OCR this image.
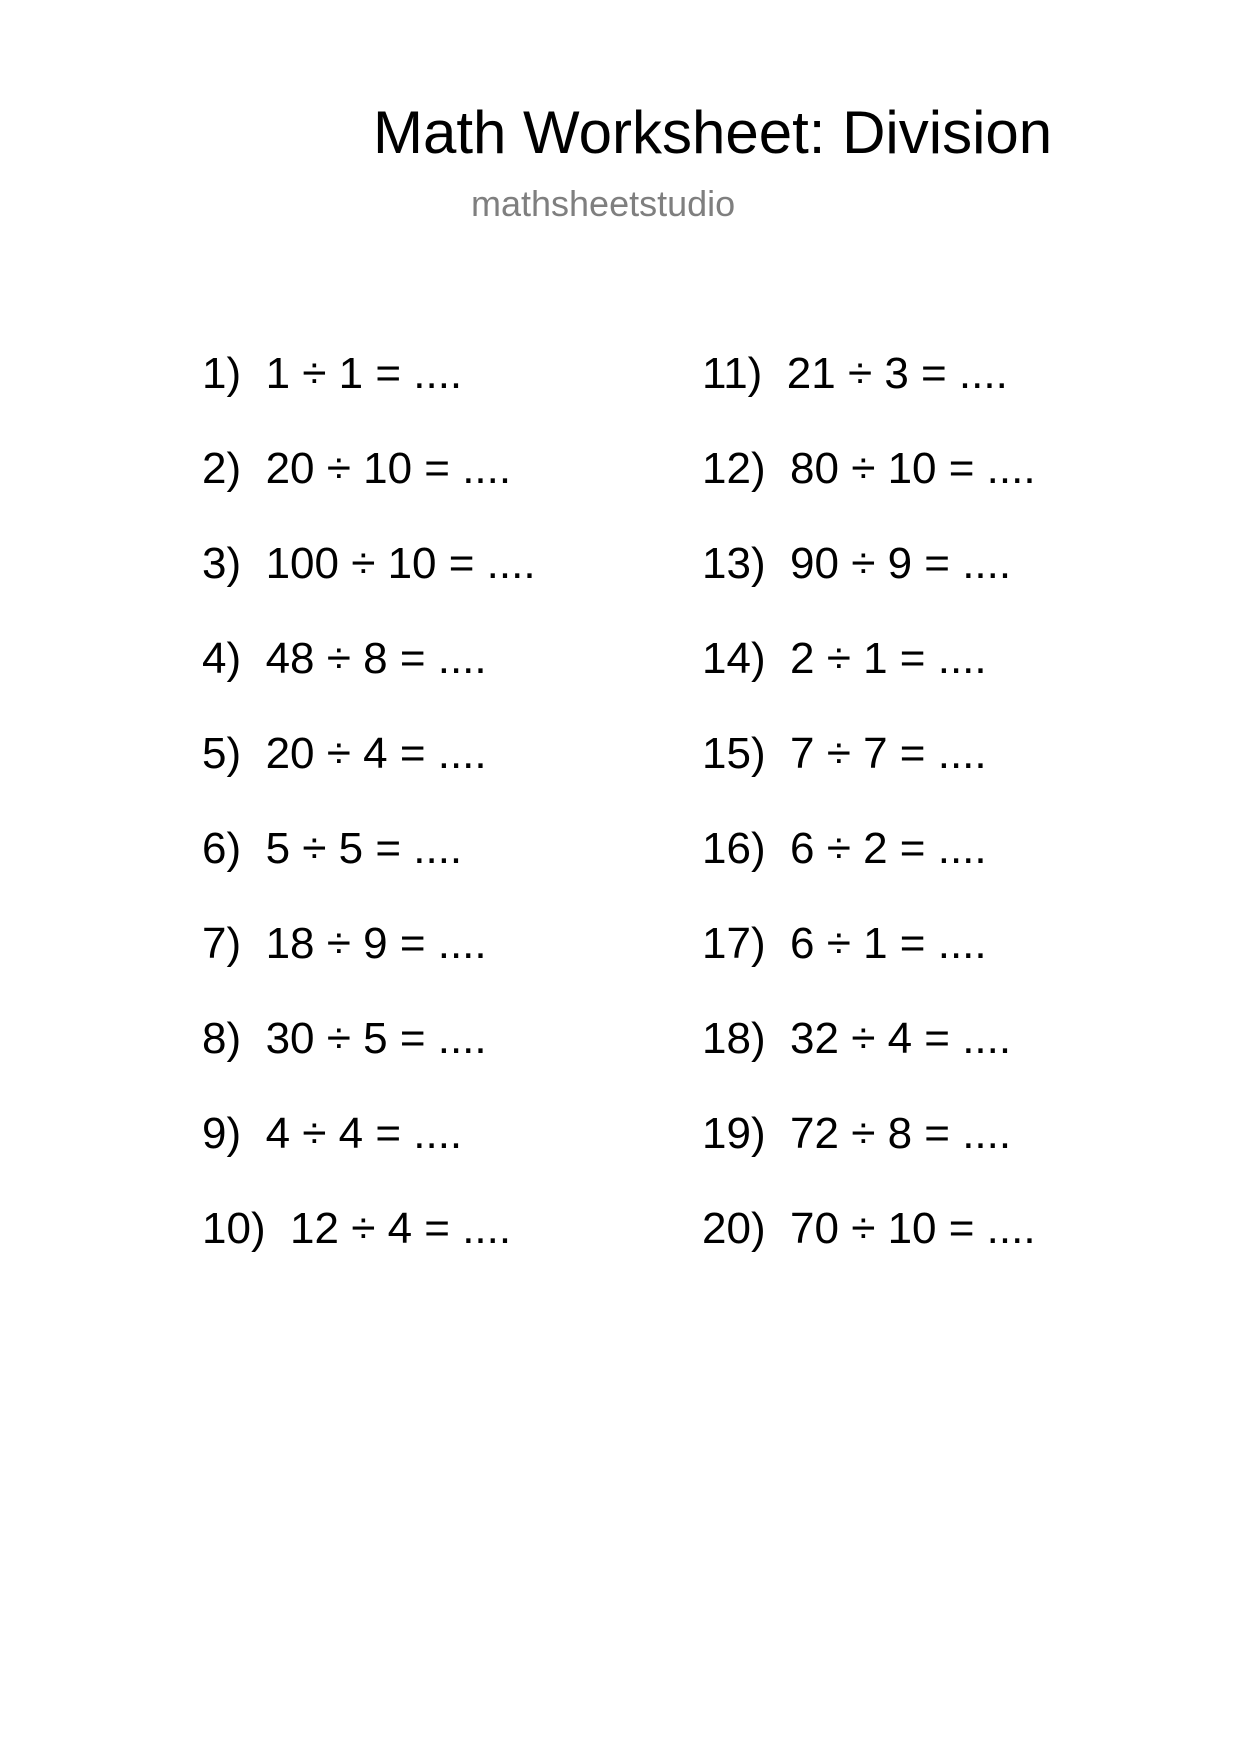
Math Worksheet: Division
mathsheetstudio
1) 1 ÷ 1 = ....
2) 20 ÷ 10 = ....
3) 100 ÷ 10 = ....
4) 48 ÷ 8 = ....
5) 20 ÷ 4 = ....
6) 5 ÷ 5 = ....
7) 18 ÷ 9 = ....
8) 30 ÷ 5 = ....
9) 4 ÷ 4 = ....
10) 12 ÷ 4 = ....
11) 21 ÷ 3 = ....
12) 80 ÷ 10 = ....
13) 90 ÷ 9 = ....
14) 2 ÷ 1 = ....
15) 7 ÷ 7 = ....
16) 6 ÷ 2 = ....
17) 6 ÷ 1 = ....
18) 32 ÷ 4 = ....
19) 72 ÷ 8 = ....
20) 70 ÷ 10 = ....
